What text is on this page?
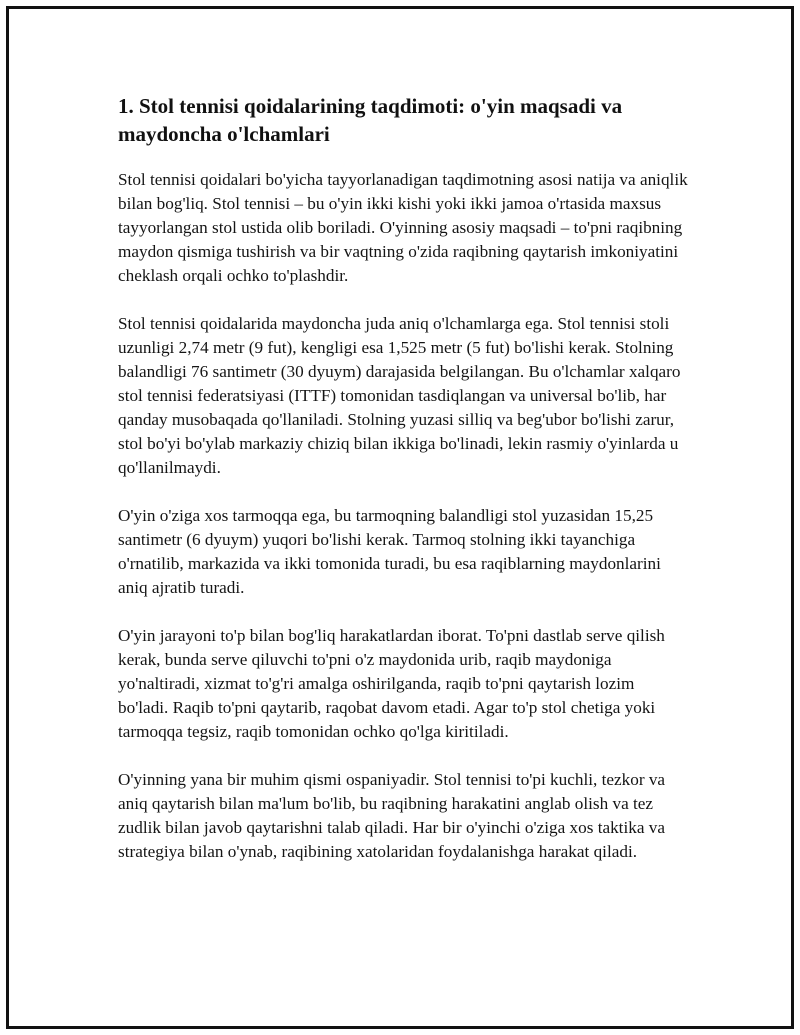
1. Stol tennisi qoidalarining taqdimoti: o'yin maqsadi va maydoncha o'lchamlari

Stol tennisi qoidalari bo'yicha tayyorlanadigan taqdimotning asosi natija va aniqlik bilan bog'liq. Stol tennisi – bu o'yin ikki kishi yoki ikki jamoa o'rtasida maxsus tayyorlangan stol ustida olib boriladi. O'yinning asosiy maqsadi – to'pni raqibning maydon qismiga tushirish va bir vaqtning o'zida raqibning qaytarish imkoniyatini cheklash orqali ochko to'plashdir.

Stol tennisi qoidalarida maydoncha juda aniq o'lchamlarga ega. Stol tennisi stoli uzunligi 2,74 metr (9 fut), kengligi esa 1,525 metr (5 fut) bo'lishi kerak. Stolning balandligi 76 santimetr (30 dyuym) darajasida belgilangan. Bu o'lchamlar xalqaro stol tennisi federatsiyasi (ITTF) tomonidan tasdiqlangan va universal bo'lib, har qanday musobaqada qo'llaniladi. Stolning yuzasi silliq va beg'ubor bo'lishi zarur, stol bo'yi bo'ylab markaziy chiziq bilan ikkiga bo'linadi, lekin rasmiy o'yinlarda u qo'llanilmaydi.

O'yin o'ziga xos tarmoqqa ega, bu tarmoqning balandligi stol yuzasidan 15,25 santimetr (6 dyuym) yuqori bo'lishi kerak. Tarmoq stolning ikki tayanchiga o'rnatilib, markazida va ikki tomonida turadi, bu esa raqiblarning maydonlarini aniq ajratib turadi.

O'yin jarayoni to'p bilan bog'liq harakatlardan iborat. To'pni dastlab serve qilish kerak, bunda serve qiluvchi to'pni o'z maydonida urib, raqib maydoniga yo'naltiradi, xizmat to'g'ri amalga oshirilganda, raqib to'pni qaytarish lozim bo'ladi. Raqib to'pni qaytarib, raqobat davom etadi. Agar to'p stol chetiga yoki tarmoqqa tegsiz, raqib tomonidan ochko qo'lga kiritiladi.

O'yinning yana bir muhim qismi ospaniyadir. Stol tennisi to'pi kuchli, tezkor va aniq qaytarish bilan ma'lum bo'lib, bu raqibning harakatini anglab olish va tez zudlik bilan javob qaytarishni talab qiladi. Har bir o'yinchi o'ziga xos taktika va strategiya bilan o'ynab, raqibining xatolaridan foydalanishga harakat qiladi.
